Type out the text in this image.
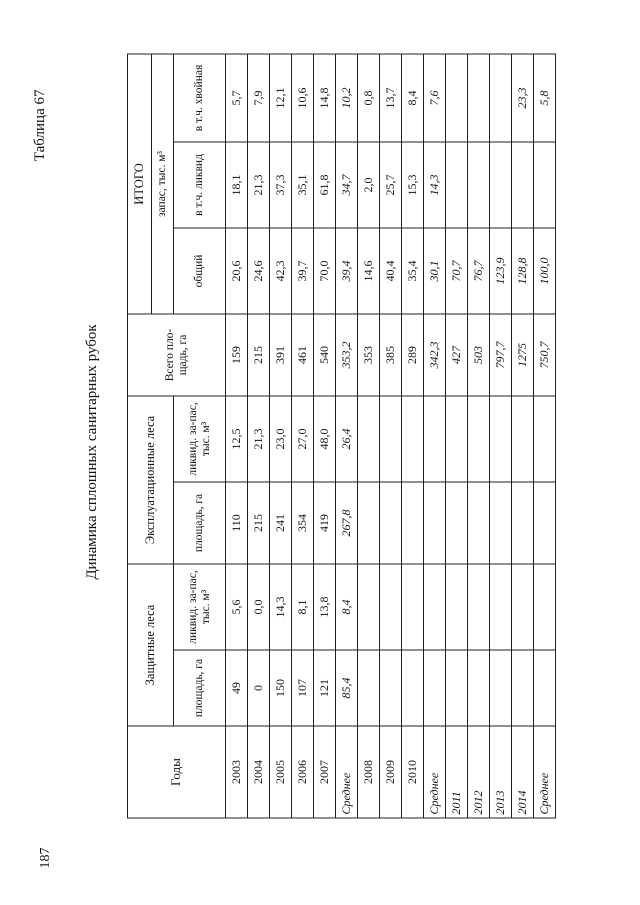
187
Таблица 67
Динамика сплошных санитарных рубок
Годы	Защитные леса		Эксплуатационные леса		Всего пло-щадь, га	ИТОГО		
						запас, тыс. м³		
	площадь, га	ликвид. за-пас, тыс. м³	площадь, га	ликвид. за-пас, тыс. м³		общий	в т.ч. ликвид	в т.ч. хвойная
2003	49	5,6	110	12,5	159	20,6	18,1	5,7
2004	0	0,0	215	21,3	215	24,6	21,3	7,9
2005	150	14,3	241	23,0	391	42,3	37,3	12,1
2006	107	8,1	354	27,0	461	39,7	35,1	10,6
2007	121	13,8	419	48,0	540	70,0	61,8	14,8
Среднее	85,4	8,4	267,8	26,4	353,2	39,4	34,7	10,2
2008					353	14,6	2,0	0,8
2009					385	40,4	25,7	13,7
2010					289	35,4	15,3	8,4
Среднее					342,3	30,1	14,3	7,6
2011					427	70,7		
2012					503	76,7		
2013					797,7	123,9		
2014					1275	128,8		23,3
Среднее					750,7	100,0		5,8
